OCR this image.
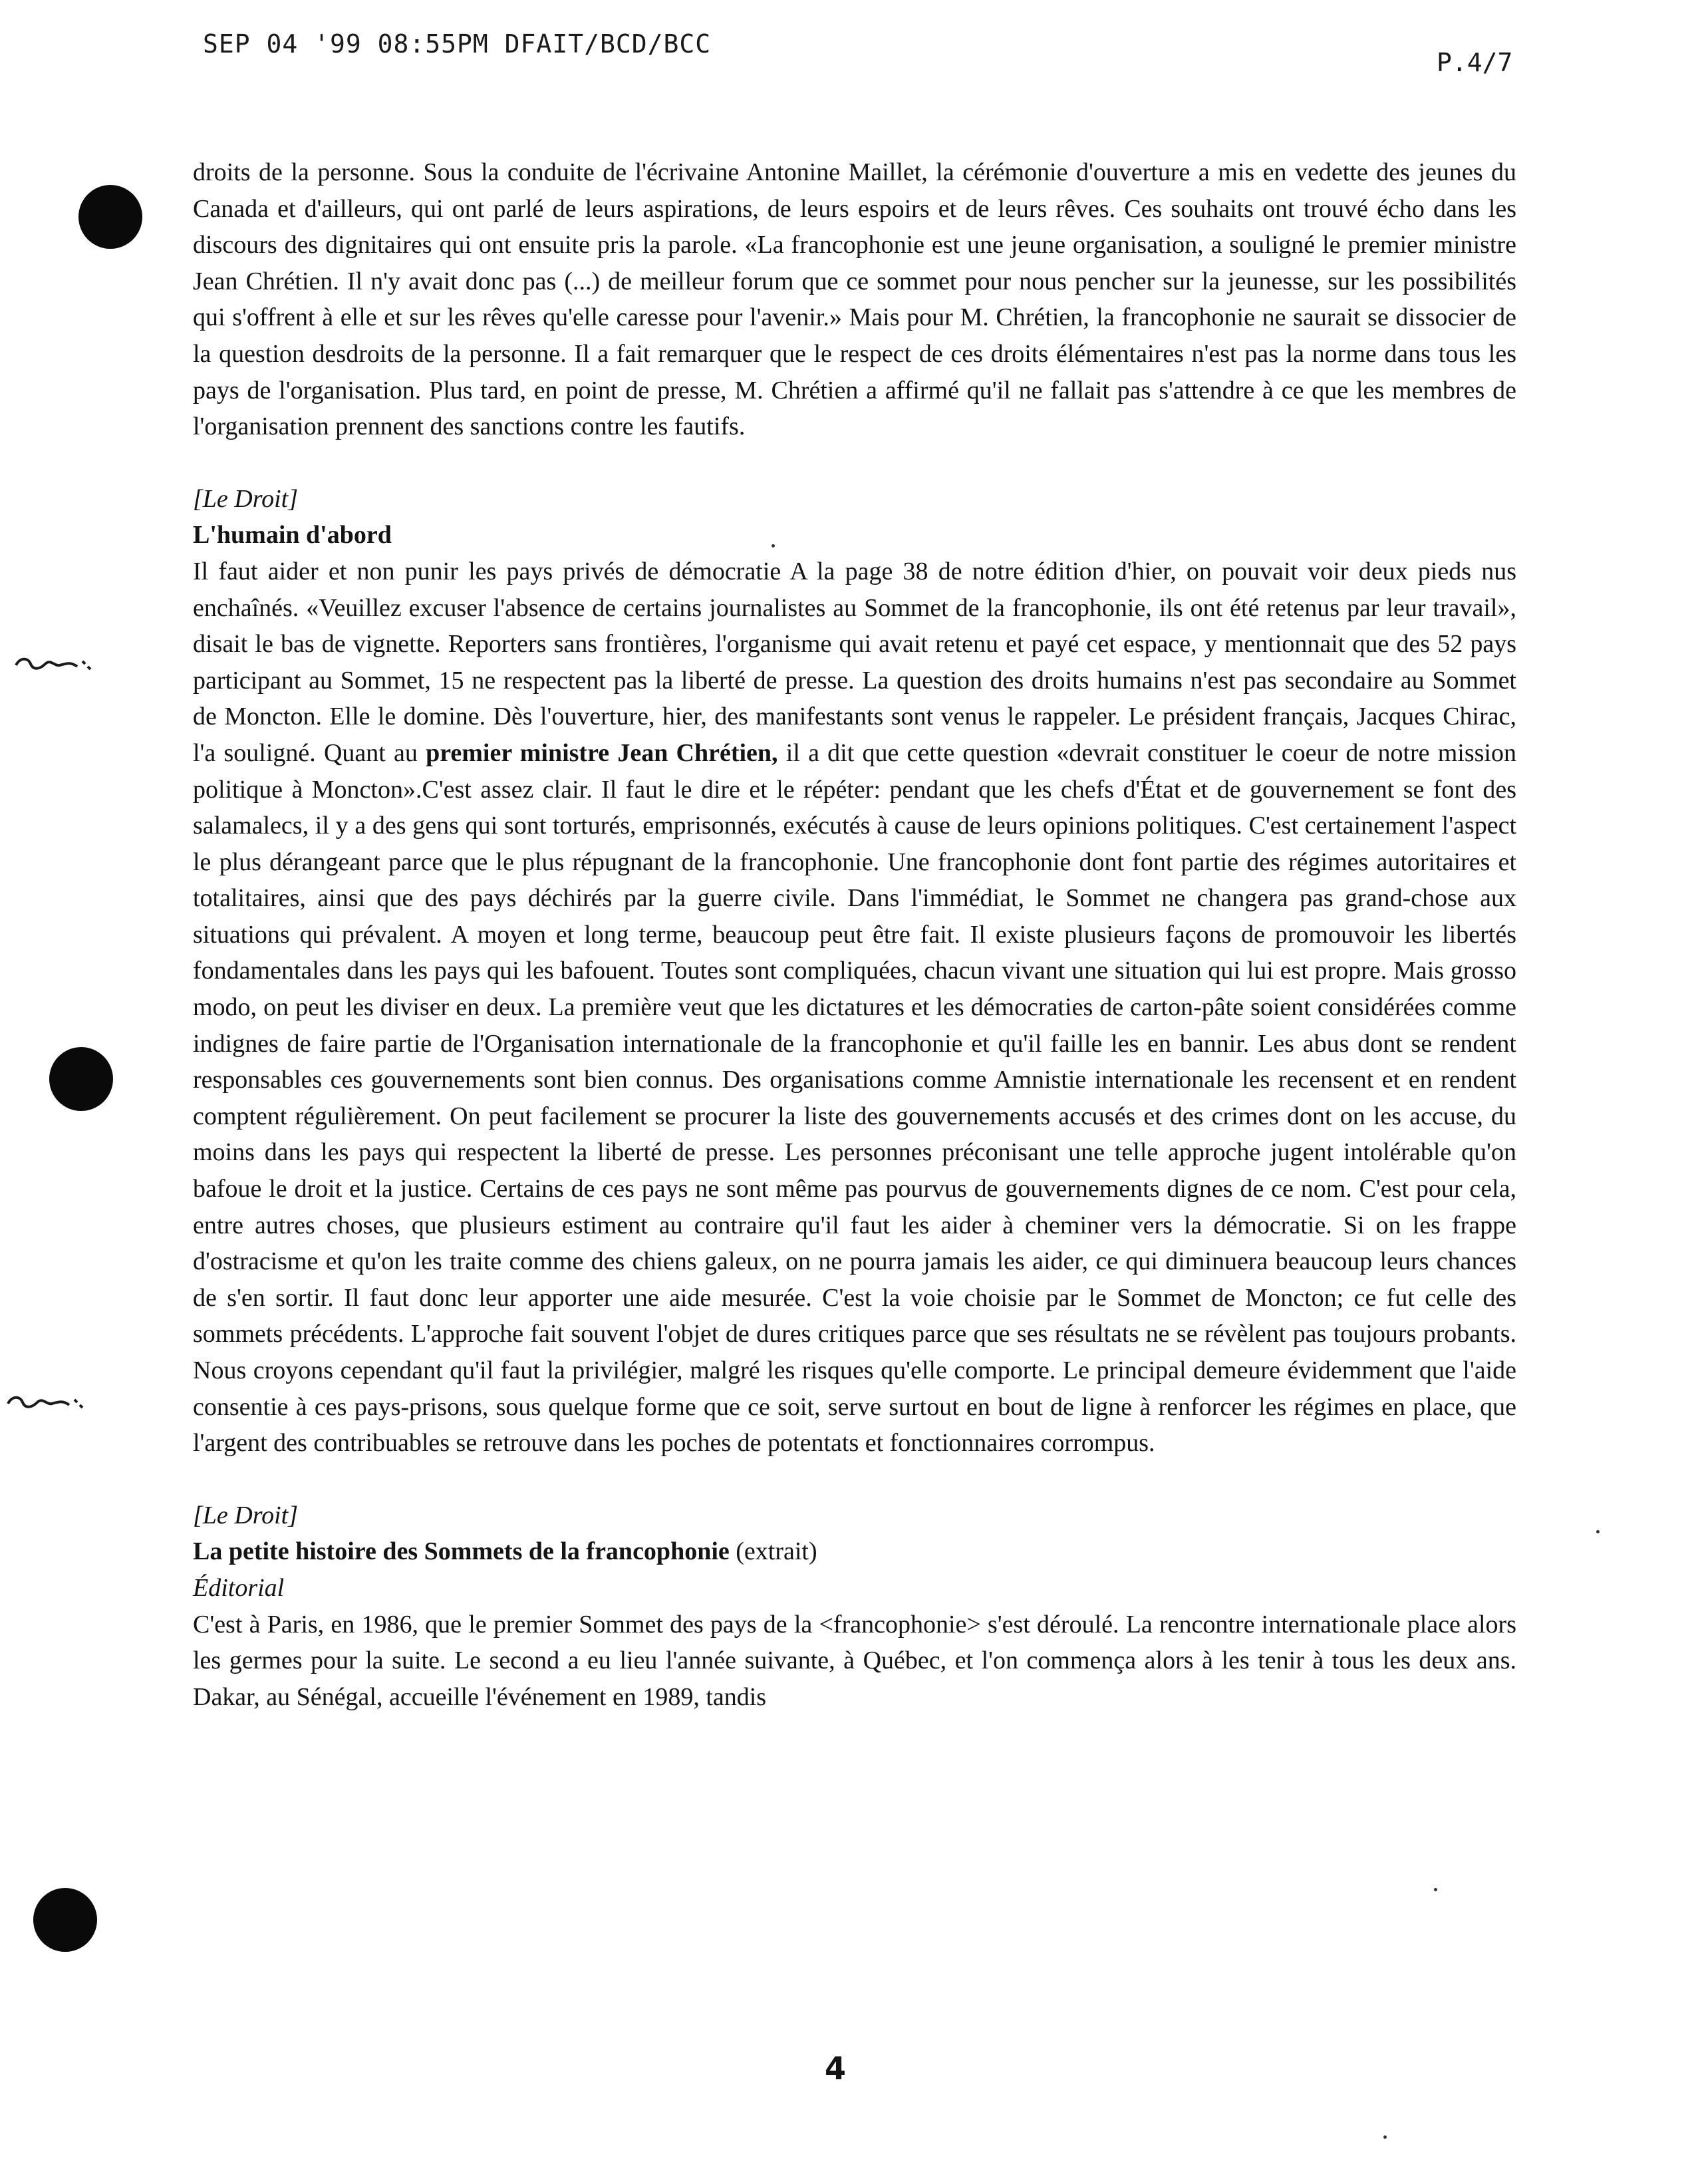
SEP 04 '99 08:55PM DFAIT/BCD/BCC
P.4/7

droits de la personne. Sous la conduite de l'écrivaine Antonine Maillet, la cérémonie d'ouverture a mis en vedette des jeunes du Canada et d'ailleurs, qui ont parlé de leurs aspirations, de leurs espoirs et de leurs rêves. Ces souhaits ont trouvé écho dans les discours des dignitaires qui ont ensuite pris la parole. «La francophonie est une jeune organisation, a souligné le premier ministre Jean Chrétien. Il n'y avait donc pas (...) de meilleur forum que ce sommet pour nous pencher sur la jeunesse, sur les possibilités qui s'offrent à elle et sur les rêves qu'elle caresse pour l'avenir.» Mais pour M. Chrétien, la francophonie ne saurait se dissocier de la question desdroits de la personne. Il a fait remarquer que le respect de ces droits élémentaires n'est pas la norme dans tous les pays de l'organisation. Plus tard, en point de presse, M. Chrétien a affirmé qu'il ne fallait pas s'attendre à ce que les membres de l'organisation prennent des sanctions contre les fautifs.

[Le Droit]

L'humain d'abord

Il faut aider et non punir les pays privés de démocratie A la page 38 de notre édition d'hier, on pouvait voir deux pieds nus enchaînés. «Veuillez excuser l'absence de certains journalistes au Sommet de la francophonie, ils ont été retenus par leur travail», disait le bas de vignette. Reporters sans frontières, l'organisme qui avait retenu et payé cet espace, y mentionnait que des 52 pays participant au Sommet, 15 ne respectent pas la liberté de presse. La question des droits humains n'est pas secondaire au Sommet de Moncton. Elle le domine. Dès l'ouverture, hier, des manifestants sont venus le rappeler. Le président français, Jacques Chirac, l'a souligné. Quant au premier ministre Jean Chrétien, il a dit que cette question «devrait constituer le coeur de notre mission politique à Moncton».C'est assez clair. Il faut le dire et le répéter: pendant que les chefs d'État et de gouvernement se font des salamalecs, il y a des gens qui sont torturés, emprisonnés, exécutés à cause de leurs opinions politiques. C'est certainement l'aspect le plus dérangeant parce que le plus répugnant de la francophonie. Une francophonie dont font partie des régimes autoritaires et totalitaires, ainsi que des pays déchirés par la guerre civile. Dans l'immédiat, le Sommet ne changera pas grand-chose aux situations qui prévalent. A moyen et long terme, beaucoup peut être fait. Il existe plusieurs façons de promouvoir les libertés fondamentales dans les pays qui les bafouent. Toutes sont compliquées, chacun vivant une situation qui lui est propre. Mais grosso modo, on peut les diviser en deux. La première veut que les dictatures et les démocraties de carton-pâte soient considérées comme indignes de faire partie de l'Organisation internationale de la francophonie et qu'il faille les en bannir. Les abus dont se rendent responsables ces gouvernements sont bien connus. Des organisations comme Amnistie internationale les recensent et en rendent comptent régulièrement. On peut facilement se procurer la liste des gouvernements accusés et des crimes dont on les accuse, du moins dans les pays qui respectent la liberté de presse. Les personnes préconisant une telle approche jugent intolérable qu'on bafoue le droit et la justice. Certains de ces pays ne sont même pas pourvus de gouvernements dignes de ce nom. C'est pour cela, entre autres choses, que plusieurs estiment au contraire qu'il faut les aider à cheminer vers la démocratie. Si on les frappe d'ostracisme et qu'on les traite comme des chiens galeux, on ne pourra jamais les aider, ce qui diminuera beaucoup leurs chances de s'en sortir. Il faut donc leur apporter une aide mesurée. C'est la voie choisie par le Sommet de Moncton; ce fut celle des sommets précédents. L'approche fait souvent l'objet de dures critiques parce que ses résultats ne se révèlent pas toujours probants. Nous croyons cependant qu'il faut la privilégier, malgré les risques qu'elle comporte. Le principal demeure évidemment que l'aide consentie à ces pays-prisons, sous quelque forme que ce soit, serve surtout en bout de ligne à renforcer les régimes en place, que l'argent des contribuables se retrouve dans les poches de potentats et fonctionnaires corrompus.

[Le Droit]

La petite histoire des Sommets de la francophonie (extrait)

Éditorial

C'est à Paris, en 1986, que le premier Sommet des pays de la <francophonie> s'est déroulé. La rencontre internationale place alors les germes pour la suite. Le second a eu lieu l'année suivante, à Québec, et l'on commença alors à les tenir à tous les deux ans. Dakar, au Sénégal, accueille l'événement en 1989, tandis

4
